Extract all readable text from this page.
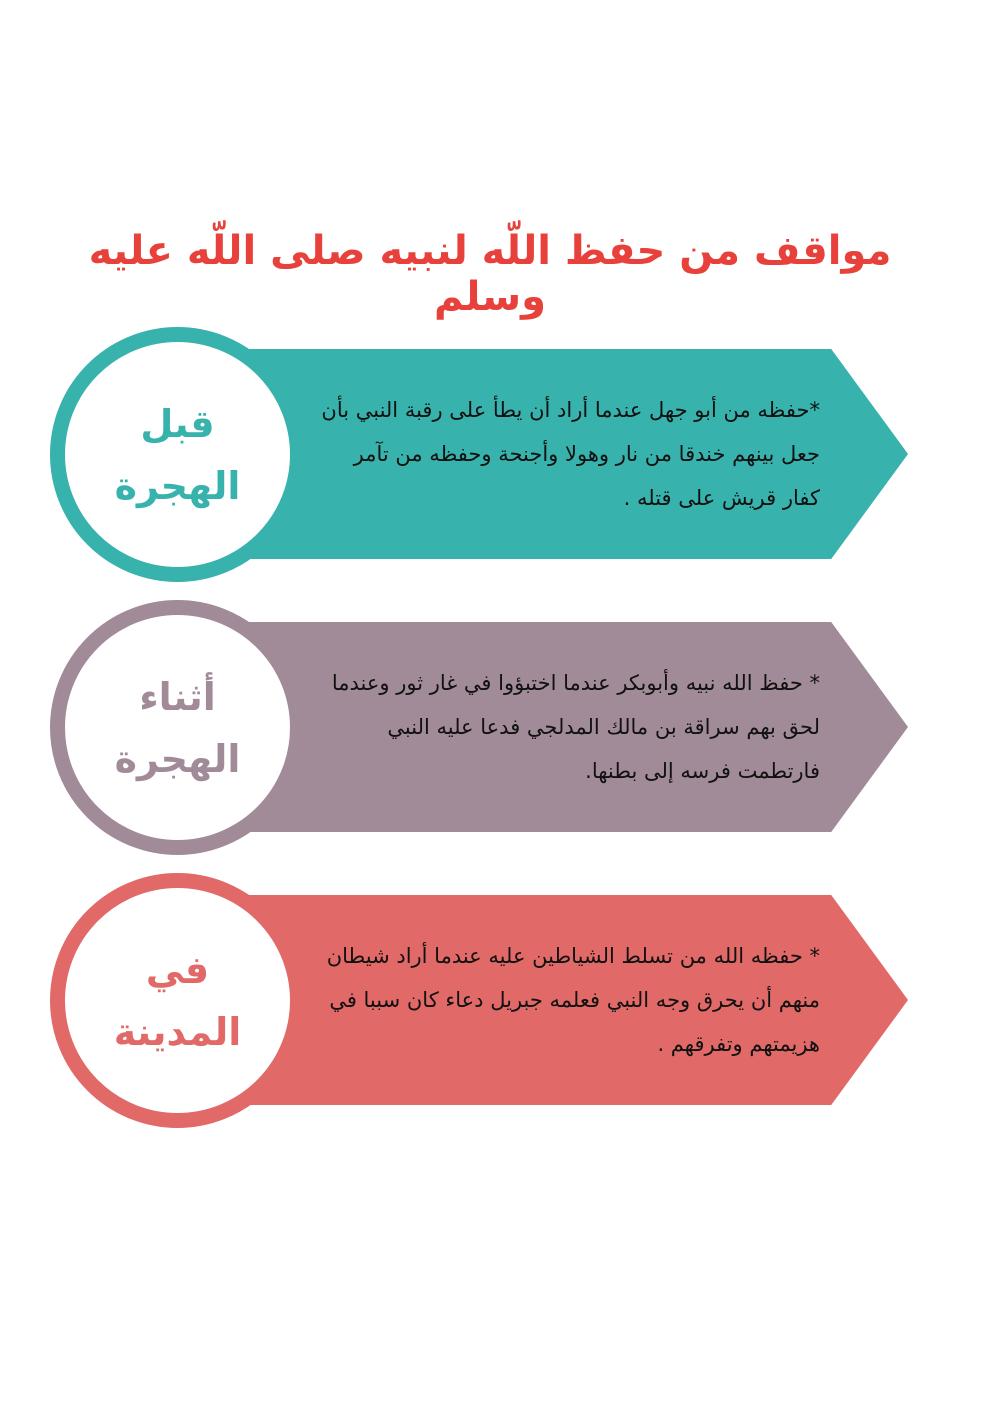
مواقف من حفظ اللّه لنبيه صلى اللّه عليه وسلم
قبل
الهجرة

*حفظه من أبو جهل عندما أراد أن يطأ على رقبة النبي بأن جعل بينهم خندقا من نار وهولا وأجنحة وحفظه من تآمر كفار قريش على قتله .

أثناء
الهجرة

* حفظ الله نبيه وأبوبكر عندما اختبؤوا في غار ثور وعندما لحق بهم سراقة بن مالك المدلجي فدعا عليه النبي فارتطمت فرسه إلى بطنها.

في
المدينة

* حفظه الله من تسلط الشياطين عليه عندما أراد شيطان منهم أن يحرق وجه النبي فعلمه جبريل دعاء كان سببا في هزيمتهم وتفرقهم .
